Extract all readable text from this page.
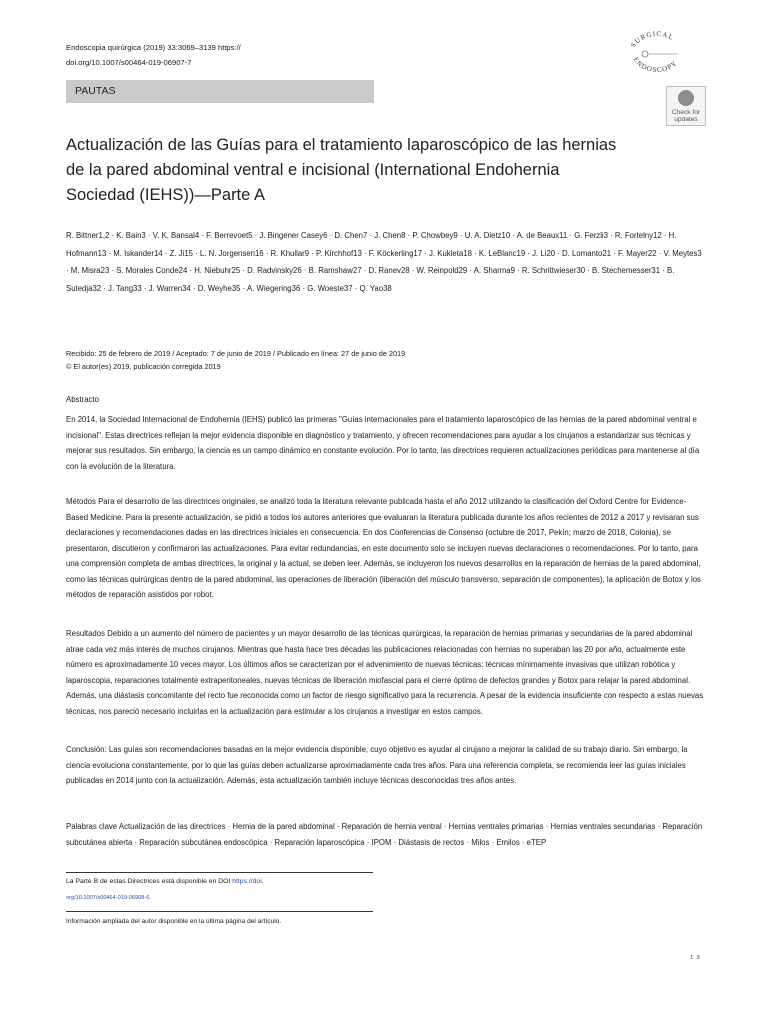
Endoscopia quirúrgica (2019) 33:3069–3139 https://
doi.org/10.1007/s00464-019-06907-7
PAUTAS
SURGICAL
ENDOSCOPY
Check for
updates
Actualización de las Guías para el tratamiento laparoscópico de las hernias de la pared abdominal ventral e incisional (International Endohernia Sociedad (IEHS))—Parte A
R. Bittner1,2 · K. Bain3 · V. K. Bansal4 · F. Berrevoet5 · J. Bingener Casey6 · D. Chen7 · J. Chen8 · P. Chowbey9 · U. A. Dietz10 · A. de Beaux11 · G. Ferzli3 · R. Fortelny12 · H. Hofmann13 · M. Iskander14 · Z. Ji15 · L. N. Jorgensen16 · R. Khullar9 · P. Kirchhof13 · F. Köckerling17 · J. Kukleta18 · K. LeBlanc19 · J. Li20 · D. Lomanto21 · F. Mayer22 · V. Meytes3 · M. Misra23 · S. Morales Conde24 · H. Niebuhr25 · D. Radvinsky26 · B. Ramshaw27 · D. Ranev28 · W. Reinpold29 · A. Sharma9 · R. Schrittwieser30 · B. Stechemesser31 · B. Sutedja32 · J. Tang33 · J. Warren34 · D. Weyhe35 · A. Wiegering36 · G. Woeste37 · Q. Yao38
Recibido: 25 de febrero de 2019 / Aceptado: 7 de junio de 2019 / Publicado en línea: 27 de junio de 2019
© El autor(es) 2019, publicación corregida 2019
Abstracto

En 2014, la Sociedad Internacional de Endohernia (IEHS) publicó las primeras "Guías internacionales para el tratamiento laparoscópico de las hernias de la pared abdominal ventral e incisional". Estas directrices reflejan la mejor evidencia disponible en diagnóstico y tratamiento, y ofrecen recomendaciones para ayudar a los cirujanos a estandarizar sus técnicas y mejorar sus resultados. Sin embargo, la ciencia es un campo dinámico en constante evolución. Por lo tanto, las directrices requieren actualizaciones periódicas para mantenerse al día con la evolución de la literatura.

Métodos Para el desarrollo de las directrices originales, se analizó toda la literatura relevante publicada hasta el año 2012 utilizando la clasificación del Oxford Centre for Evidence-Based Medicine. Para la presente actualización, se pidió a todos los autores anteriores que evaluaran la literatura publicada durante los años recientes de 2012 a 2017 y revisaran sus declaraciones y recomendaciones dadas en las directrices iniciales en consecuencia. En dos Conferencias de Consenso (octubre de 2017, Pekín; marzo de 2018, Colonia), se presentaron, discutieron y confirmaron las actualizaciones. Para evitar redundancias, en este documento solo se incluyen nuevas declaraciones o recomendaciones. Por lo tanto, para una comprensión completa de ambas directrices, la original y la actual, se deben leer. Además, se incluyeron los nuevos desarrollos en la reparación de hernias de la pared abdominal, como las técnicas quirúrgicas dentro de la pared abdominal, las operaciones de liberación (liberación del músculo transverso, separación de componentes), la aplicación de Botox y los métodos de reparación asistidos por robot.

Resultados Debido a un aumento del número de pacientes y un mayor desarrollo de las técnicas quirúrgicas, la reparación de hernias primarias y secundarias de la pared abdominal atrae cada vez más interés de muchos cirujanos. Mientras que hasta hace tres décadas las publicaciones relacionadas con hernias no superaban las 20 por año, actualmente este número es aproximadamente 10 veces mayor. Los últimos años se caracterizan por el advenimiento de nuevas técnicas: técnicas mínimamente invasivas que utilizan robótica y laparoscopia, reparaciones totalmente extraperitoneales, nuevas técnicas de liberación miofascial para el cierre óptimo de defectos grandes y Botox para relajar la pared abdominal. Además, una diástasis concomitante del recto fue reconocida como un factor de riesgo significativo para la recurrencia. A pesar de la evidencia insuficiente con respecto a estas nuevas técnicas, nos pareció necesario incluirlas en la actualización para estimular a los cirujanos a investigar en estos campos.

Conclusión: Las guías son recomendaciones basadas en la mejor evidencia disponible, cuyo objetivo es ayudar al cirujano a mejorar la calidad de su trabajo diario. Sin embargo, la ciencia evoluciona constantemente, por lo que las guías deben actualizarse aproximadamente cada tres años. Para una referencia completa, se recomienda leer las guías iniciales publicadas en 2014 junto con la actualización. Además, esta actualización también incluye técnicas desconocidas tres años antes.

Palabras clave Actualización de las directrices · Hernia de la pared abdominal · Reparación de hernia ventral · Hernias ventrales primarias · Hernias ventrales secundarias · Reparación subcutánea abierta · Reparación subcutánea endoscópica · Reparación laparoscópica · IPOM · Diástasis de rectos · Milos · Emilos · eTEP
La Parte B de estas Directrices está disponible en DOI https://doi.
org/10.1007/s00464-019-06908-6.
Información ampliada del autor disponible en la última página del artículo.
1 3
